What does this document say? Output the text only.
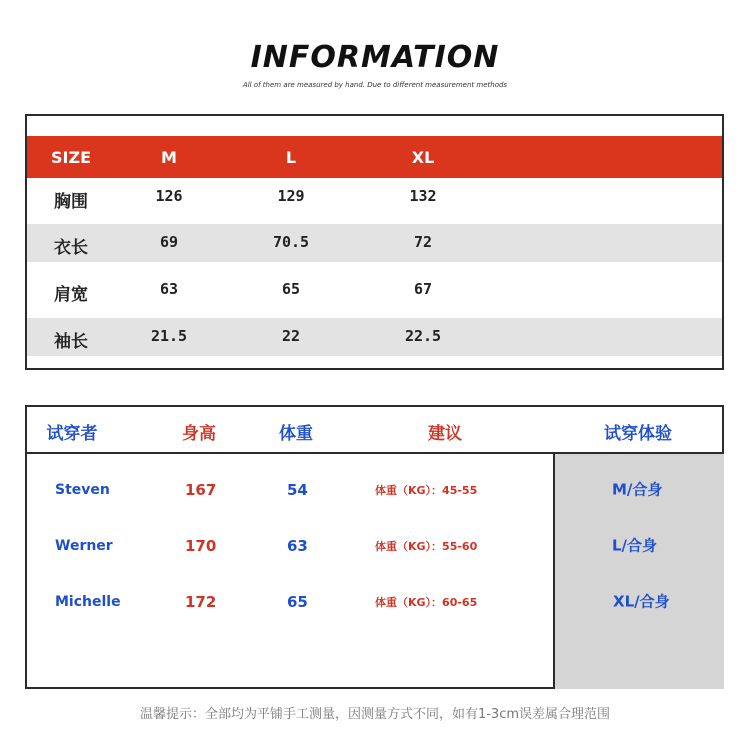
INFORMATION
All of them are measured by hand. Due to different measurement methods
SIZE	M	L	XL
胸围	126	129	132
衣长	69	70.5	72
肩宽	63	65	67
袖长	21.5	22	22.5
试穿者	身高	体重	建议	试穿体验
Steven	167	54	体重（KG）：45-55	M/合身
Werner	170	63	体重（KG）：55-60	L/合身
Michelle	172	65	体重（KG）：60-65	XL/合身
温馨提示：全部均为平铺手工测量，因测量方式不同，如有1-3cm误差属合理范围
